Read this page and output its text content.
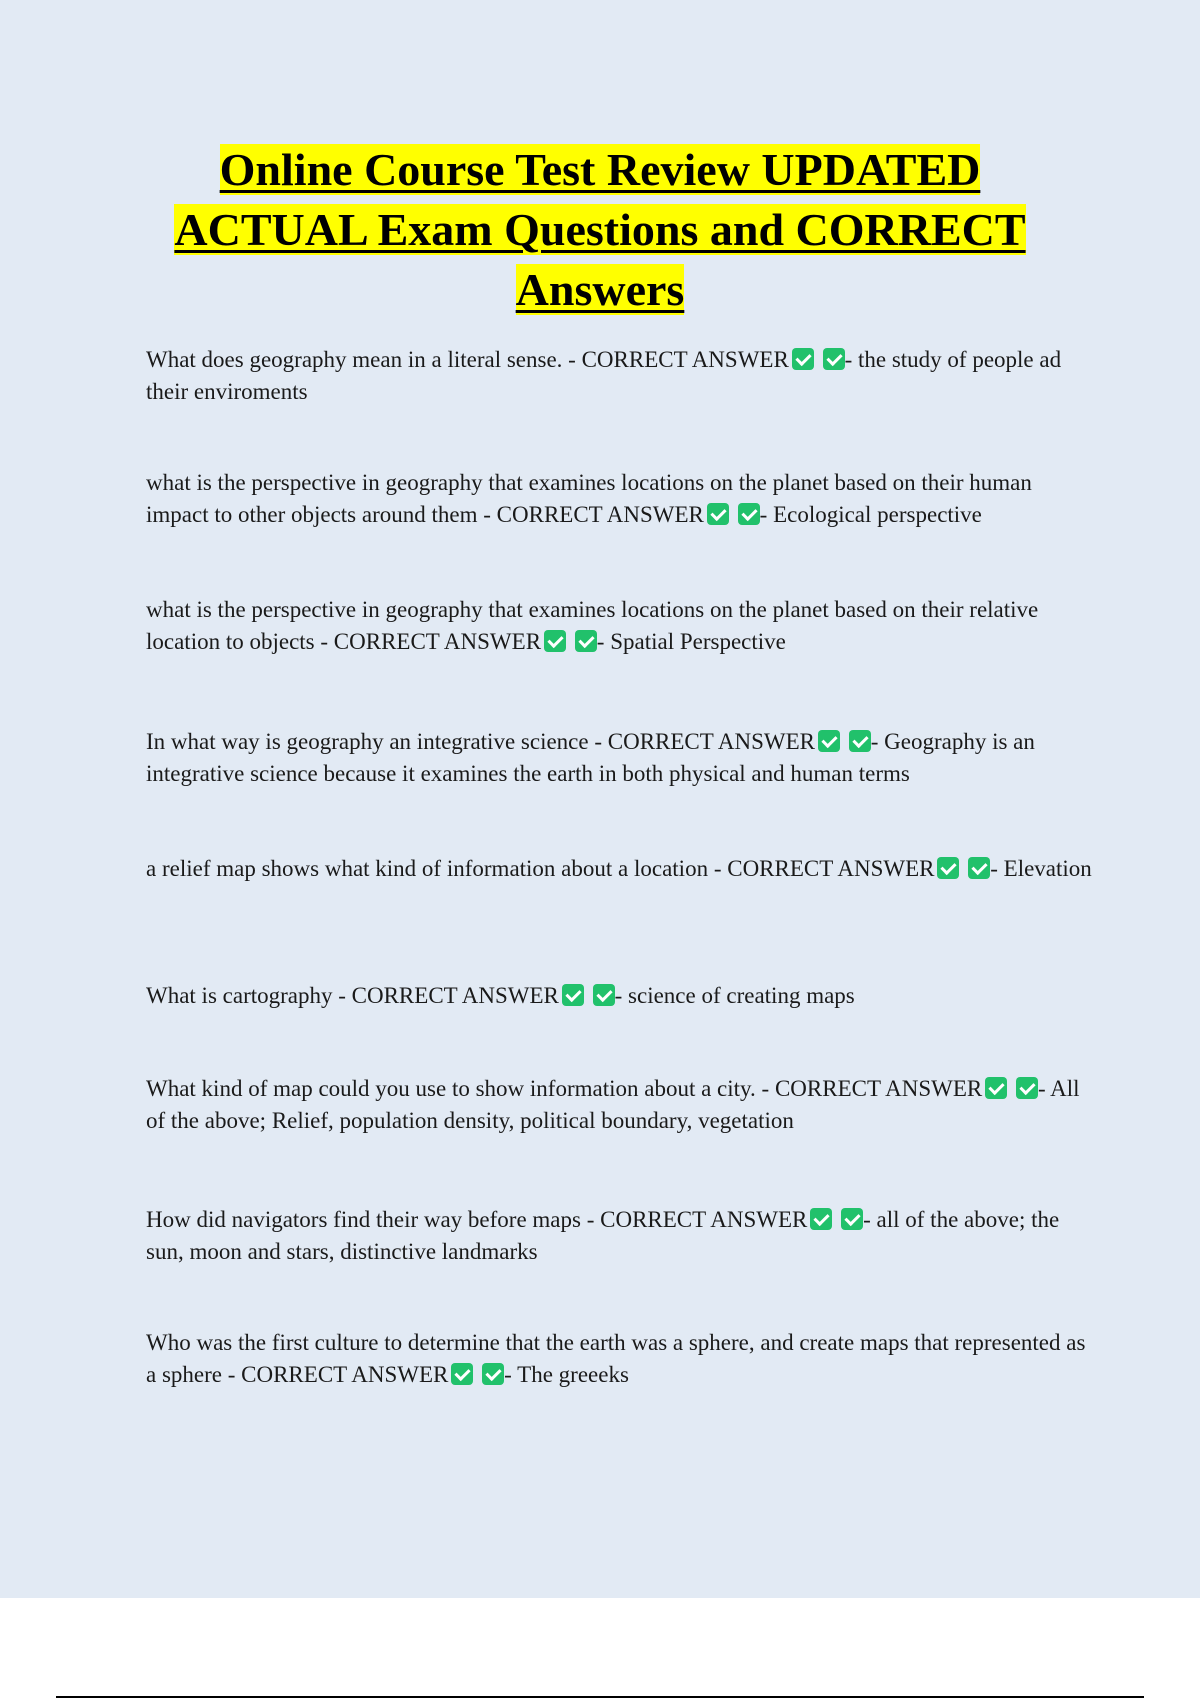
Online Course Test Review UPDATED
ACTUAL Exam Questions and CORRECT
Answers
What does geography mean in a literal sense. - CORRECT ANSWER - the study of people ad their enviroments
what is the perspective in geography that examines locations on the planet based on their human impact to other objects around them - CORRECT ANSWER - Ecological perspective
what is the perspective in geography that examines locations on the planet based on their relative location to objects - CORRECT ANSWER - Spatial Perspective
In what way is geography an integrative science - CORRECT ANSWER - Geography is an integrative science because it examines the earth in both physical and human terms
a relief map shows what kind of information about a location - CORRECT ANSWER - Elevation
What is cartography - CORRECT ANSWER - science of creating maps
What kind of map could you use to show information about a city. - CORRECT ANSWER - All of the above; Relief, population density, political boundary, vegetation
How did navigators find their way before maps - CORRECT ANSWER - all of the above; the sun, moon and stars, distinctive landmarks
Who was the first culture to determine that the earth was a sphere, and create maps that represented as a sphere - CORRECT ANSWER - The greeeks
